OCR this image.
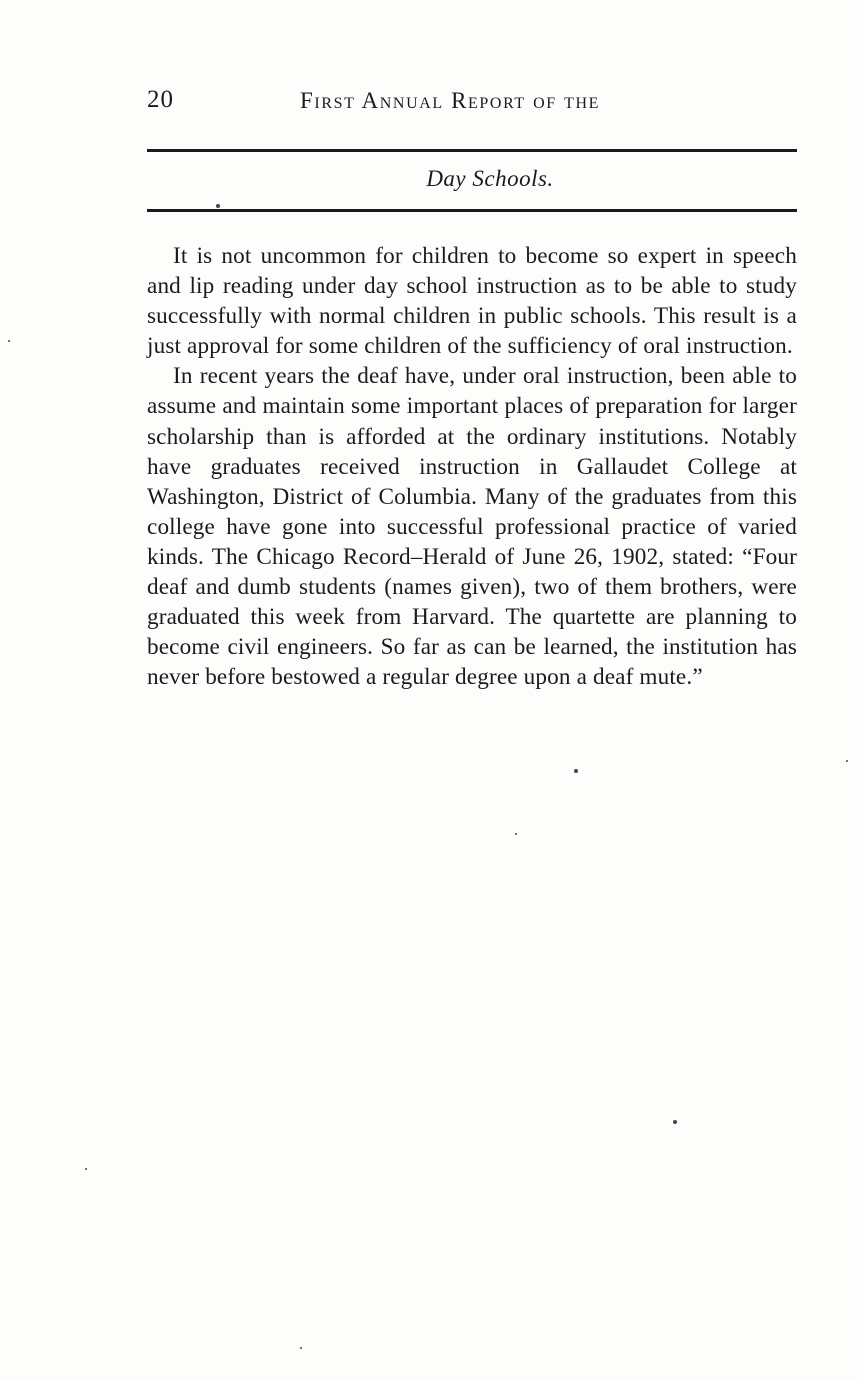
20	First Annual Report of the
Day Schools.

It is not uncommon for children to become so expert in speech and lip reading under day school instruction as to be able to study successfully with normal children in public schools. This result is a just approval for some children of the sufficiency of oral instruction.

In recent years the deaf have, under oral instruction, been able to assume and maintain some important places of preparation for larger scholarship than is afforded at the ordinary institutions. Notably have graduates received instruction in Gallaudet College at Washington, District of Columbia. Many of the graduates from this college have gone into successful professional practice of varied kinds. The Chicago Record–Herald of June 26, 1902, stated: “Four deaf and dumb students (names given), two of them brothers, were graduated this week from Harvard. The quartette are planning to become civil engineers. So far as can be learned, the institution has never before bestowed a regular degree upon a deaf mute.”
